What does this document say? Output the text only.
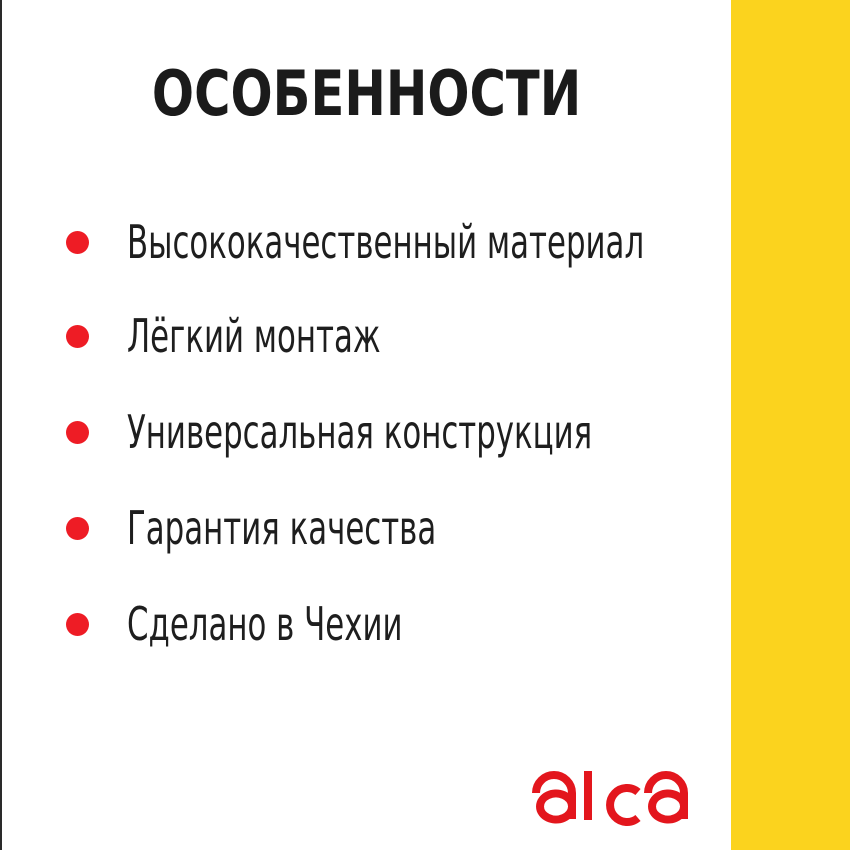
ОСОБЕННОСТИ
Высококачественный материал
Лёгкий монтаж
Универсальная конструкция
Гарантия качества
Сделано в Чехии
